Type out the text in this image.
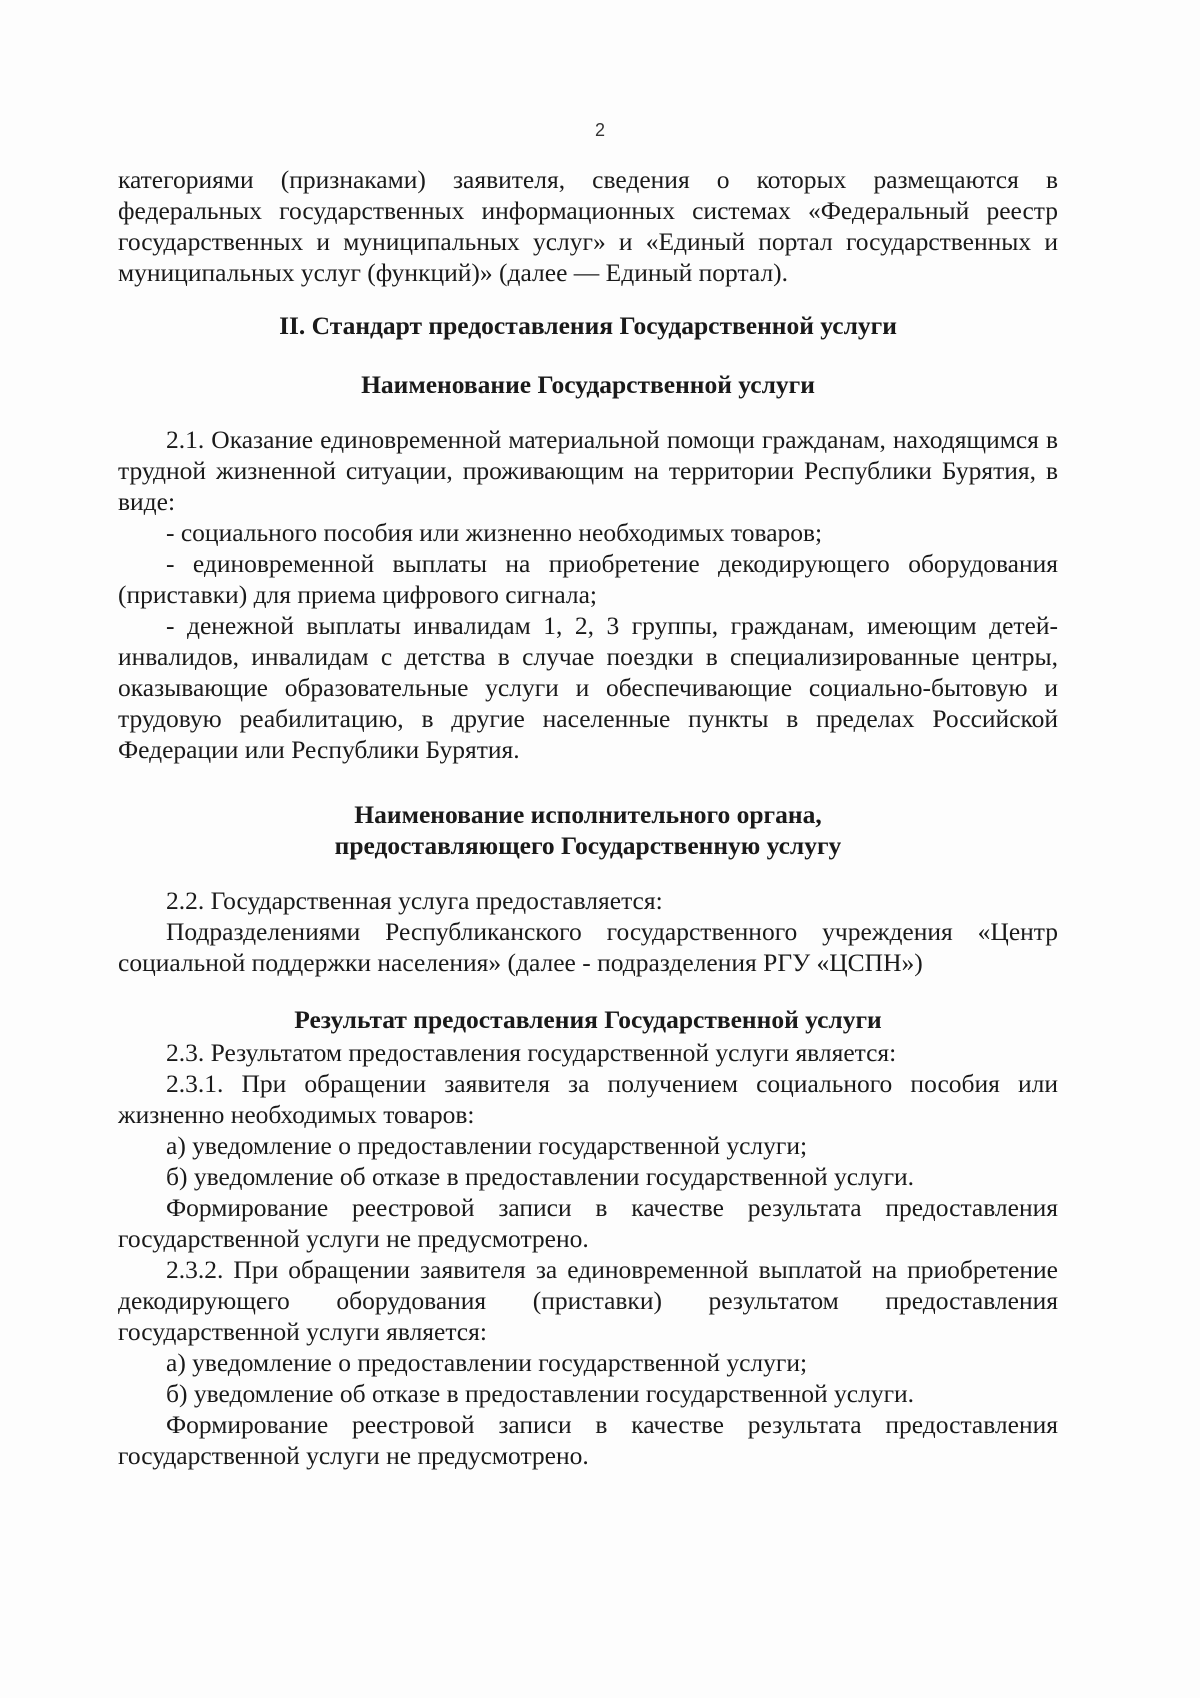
2

категориями (признаками) заявителя, сведения о которых размещаются в федеральных государственных информационных системах «Федеральный реестр государственных и муниципальных услуг» и «Единый портал государственных и муниципальных услуг (функций)» (далее — Единый портал).

II. Стандарт предоставления Государственной услуги
Наименование Государственной услуги

2.1. Оказание единовременной материальной помощи гражданам, находящимся в трудной жизненной ситуации, проживающим на территории Республики Бурятия, в виде:

- социального пособия или жизненно необходимых товаров;

- единовременной выплаты на приобретение декодирующего оборудования (приставки) для приема цифрового сигнала;

- денежной выплаты инвалидам 1, 2, 3 группы, гражданам, имеющим детей-инвалидов, инвалидам с детства в случае поездки в специализированные центры, оказывающие образовательные услуги и обеспечивающие социально-бытовую и трудовую реабилитацию, в другие населенные пункты в пределах Российской Федерации или Республики Бурятия.

Наименование исполнительного органа,
предоставляющего Государственную услугу

2.2. Государственная услуга предоставляется:

Подразделениями Республиканского государственного учреждения «Центр социальной поддержки населения» (далее - подразделения РГУ «ЦСПН»)

Результат предоставления Государственной услуги

2.3. Результатом предоставления государственной услуги является:

2.3.1. При обращении заявителя за получением социального пособия или жизненно необходимых товаров:

а) уведомление о предоставлении государственной услуги;

б) уведомление об отказе в предоставлении государственной услуги.

Формирование реестровой записи в качестве результата предоставления государственной услуги не предусмотрено.

2.3.2. При обращении заявителя за единовременной выплатой на приобретение декодирующего оборудования (приставки) результатом предоставления государственной услуги является:

а) уведомление о предоставлении государственной услуги;

б) уведомление об отказе в предоставлении государственной услуги.

Формирование реестровой записи в качестве результата предоставления государственной услуги не предусмотрено.
